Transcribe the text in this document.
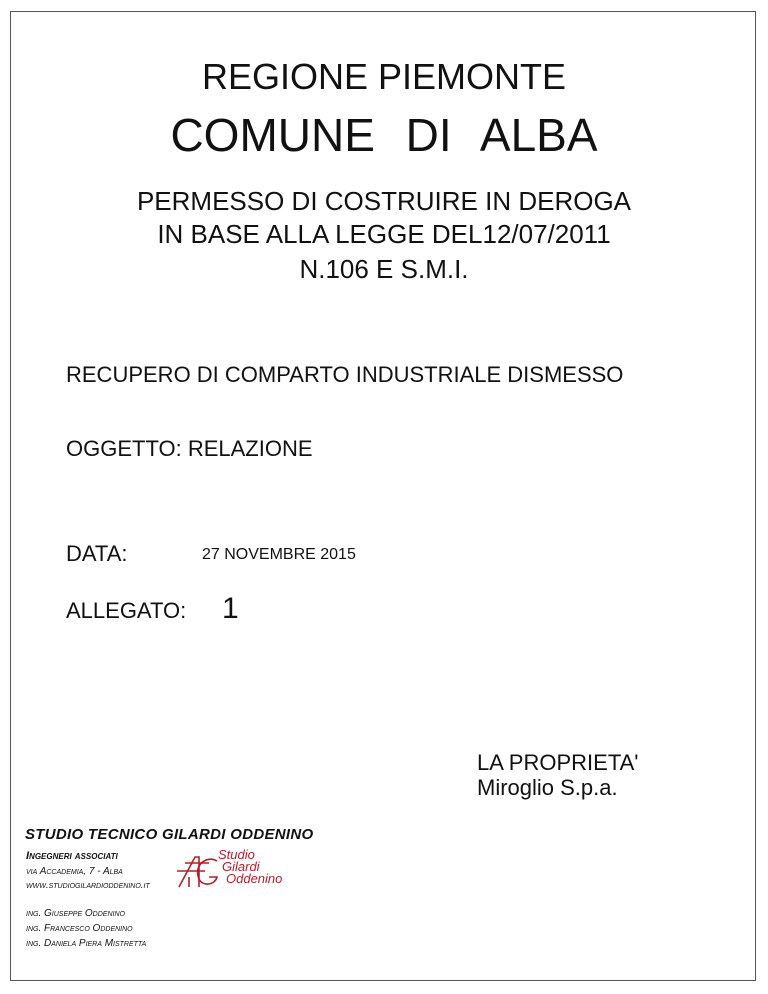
REGIONE PIEMONTE
COMUNE DI ALBA
PERMESSO DI COSTRUIRE IN DEROGA
IN BASE ALLA LEGGE DEL12/07/2011
N.106 E S.M.I.
RECUPERO DI COMPARTO INDUSTRIALE DISMESSO
OGGETTO: RELAZIONE
DATA:	27 NOVEMBRE 2015
ALLEGATO: 1
LA PROPRIETA'
Miroglio S.p.a.
STUDIO TECNICO GILARDI ODDENINO
Ingegneri associati
via Accademia, 7 - Alba
www.studiogilardioddenino.it
Studio
Gilardi
Oddenino
ing. Giuseppe Oddenino
ing. Francesco Oddenino
ing. Daniela Piera Mistretta
